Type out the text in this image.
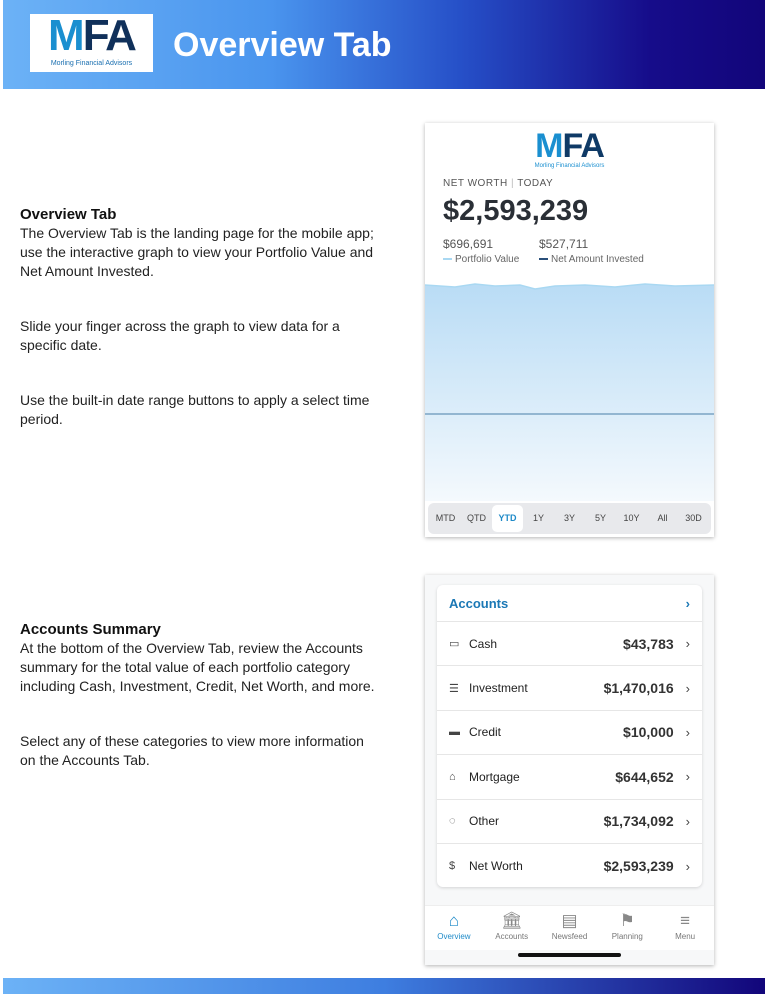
MFA
Morling Financial Advisors	Overview Tab
Overview Tab

The Overview Tab is the landing page for the mobile app; use the interactive graph to view your Portfolio Value and Net Amount Invested.

Slide your finger across the graph to view data for a specific date.

Use the built-in date range buttons to apply a select time period.

Accounts Summary

At the bottom of the Overview Tab, review the Accounts summary for the total value of each portfolio category including Cash, Investment, Credit, Net Worth, and more.

Select any of these categories to view more information on the Accounts Tab.

MFA
Morling Financial Advisors
NET WORTH | TODAY
$2,593,239
$696,691	$527,711
Portfolio Value	Net Amount Invested
MTD	QTD	YTD	1Y	3Y	5Y	10Y	All	30D
Accounts	›
▭ Cash	$43,783 ›
☰ Investment	$1,470,016 ›
▬ Credit	$10,000 ›
⌂	Mortgage	$644,652 ›
◌	Other	$1,734,092 ›
$	Net Worth	$2,593,239 ›
⌂
Overview
🏛
Accounts
▤
Newsfeed
⚑
Planning
≡
Menu
